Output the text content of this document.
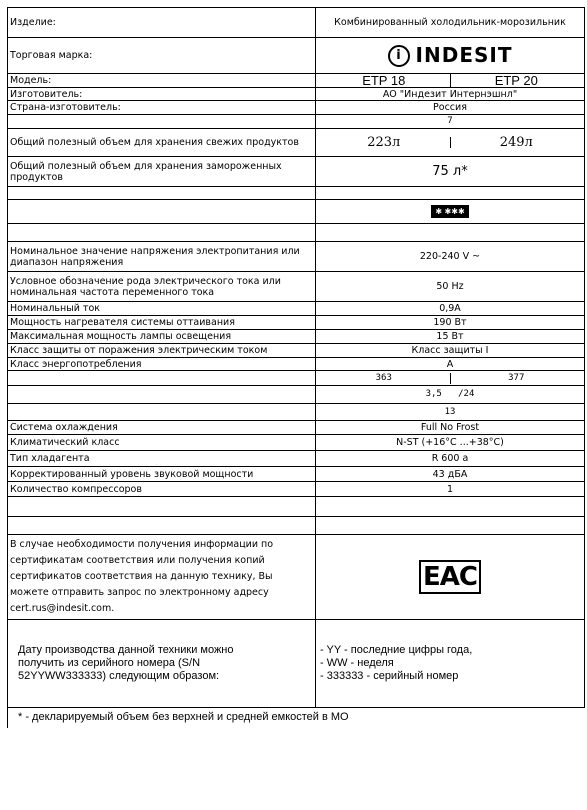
Изделие:	Комбинированный холодильник-морозильник
Торговая марка:	i INDESIT

Модель:	ETP 18 ETP 20

Изготовитель:	АО "Индезит Интернэшнл"
Страна-изготовитель:	Россия
	7
Общий полезный объем для хранения свежих продуктов	223л 249л

Общий полезный объем для хранения замороженных продуктов	75 л*

	✱ ✱✱✱

Номинальное значение напряжения электропитания или диапазон напряжения	220-240 V ~
Условное обозначение рода электрического тока или номинальная частота переменного тока	50 Hz
Номинальный ток	0,9А
Мощность нагревателя системы оттаивания	190 Вт
Максимальная мощность лампы освещения	15 Вт
Класс защиты от поражения электрическим током	Класс защиты I
Класс энергопотребления	A

	363 377

	3,5 /24
	13
Система охлаждения	Full No Frost
Климатический класс	N-ST (+16°С ...+38°С)
Тип хладагента	R 600 a
Корректированный уровень звуковой мощности	43 дБА
Количество компрессоров	1

В случае необходимости получения информации по сертификатам соответствия или получения копий сертификатов соответствия на данную технику, Вы можете отправить запрос по электронному адресу cert.rus@indesit.com.	EAC
Дату производства данной техники можно получить из серийного номера (S/N 52YYWW333333) следующим образом:	- YY - последние цифры года,
- WW - неделя
- 333333 - серийный номер

* - декларируемый объем без верхней и средней емкостей в МО	
